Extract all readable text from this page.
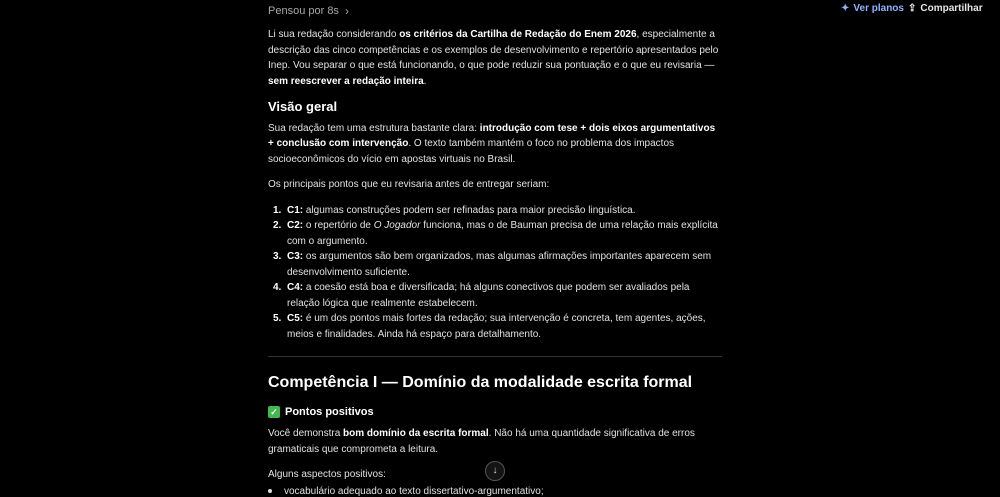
Pensou por 8s ›	✦ Ver planos ⇪ Compartilhar

Li sua redação considerando os critérios da Cartilha de Redação do Enem 2026, especialmente a descrição das cinco competências e os exemplos de desenvolvimento e repertório apresentados pelo Inep. Vou separar o que está funcionando, o que pode reduzir sua pontuação e o que eu revisaria — sem reescrever a redação inteira.

Visão geral

Sua redação tem uma estrutura bastante clara: introdução com tese + dois eixos argumentativos + conclusão com intervenção. O texto também mantém o foco no problema dos impactos socioeconômicos do vício em apostas virtuais no Brasil.

Os principais pontos que eu revisaria antes de entregar seriam:

1. C1: algumas construções podem ser refinadas para maior precisão linguística.
2. C2: o repertório de O Jogador funciona, mas o de Bauman precisa de uma relação mais explícita com o argumento.
3. C3: os argumentos são bem organizados, mas algumas afirmações importantes aparecem sem desenvolvimento suficiente.
4. C4: a coesão está boa e diversificada; há alguns conectivos que podem ser avaliados pela relação lógica que realmente estabelecem.
5. C5: é um dos pontos mais fortes da redação; sua intervenção é concreta, tem agentes, ações, meios e finalidades. Ainda há espaço para detalhamento.
Competência I — Domínio da modalidade escrita formal
✓ Pontos positivos

Você demonstra bom domínio da escrita formal. Não há uma quantidade significativa de erros gramaticais que comprometa a leitura.

Alguns aspectos positivos:

vocabulário adequado ao texto dissertativo-argumentativo;
↓
